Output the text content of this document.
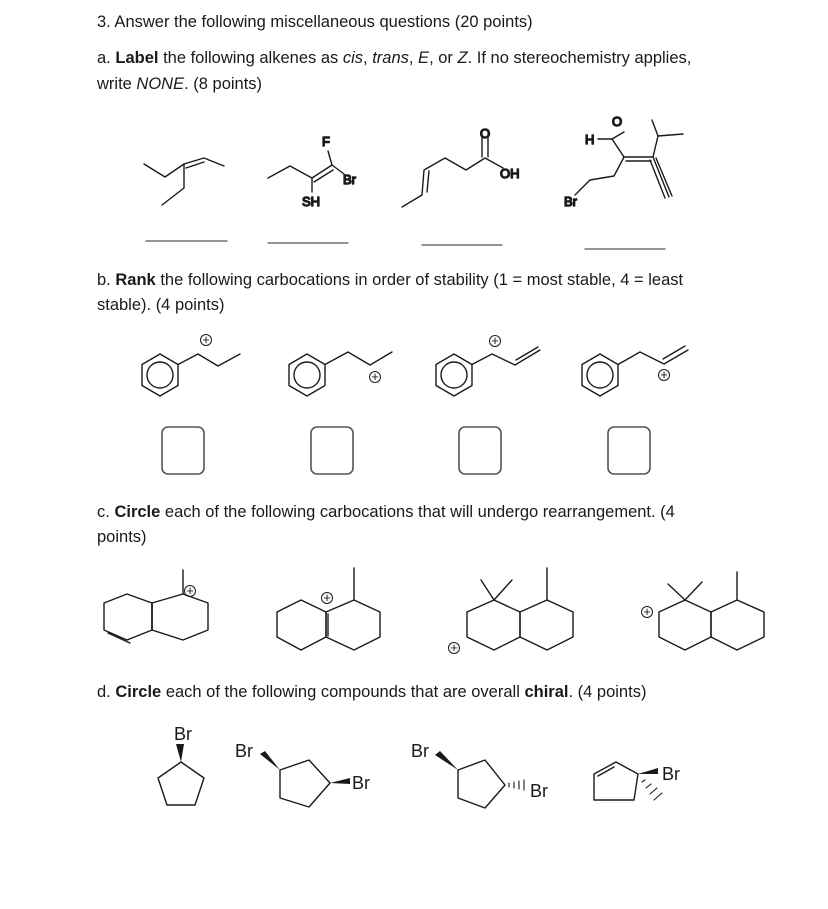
3. Answer the following miscellaneous questions (20 points)
a. Label the following alkenes as cis, trans, E, or Z. If no stereochemistry applies,
write NONE. (8 points)
b. Rank the following carbocations in order of stability (1 = most stable, 4 = least
stable). (4 points)
c. Circle each of the following carbocations that will undergo rearrangement. (4
points)
d. Circle each of the following compounds that are overall chiral. (4 points)
F
Br
SH
O
OH
O
H
Br
+
+
+
+
+	+
+
+
Br
Br
Br
Br
Br
Br
